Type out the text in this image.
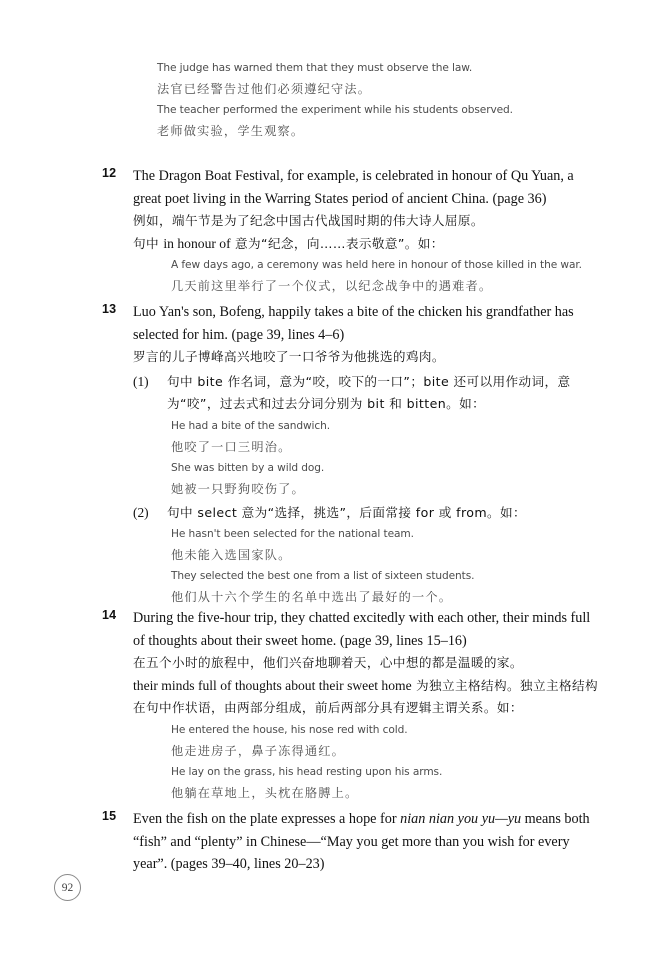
The judge has warned them that they must observe the law.
法官已经警告过他们必须遵纪守法。
The teacher performed the experiment while his students observed.
老师做实验，学生观察。
12	The Dragon Boat Festival, for example, is celebrated in honour of Qu Yuan, a great poet living in the Warring States period of ancient China. (page 36)
例如，端午节是为了纪念中国古代战国时期的伟大诗人屈原。
句中 in honour of 意为“纪念，向……表示敬意”。如：
A few days ago, a ceremony was held here in honour of those killed in the war.
几天前这里举行了一个仪式，以纪念战争中的遇难者。
13	Luo Yan's son, Bofeng, happily takes a bite of the chicken his grandfather has selected for him. (page 39, lines 4–6)
罗言的儿子博峰高兴地咬了一口爷爷为他挑选的鸡肉。
(1)	句中 bite 作名词，意为“咬，咬下的一口”；bite 还可以用作动词，意为“咬”，过去式和过去分词分别为 bit 和 bitten。如：
He had a bite of the sandwich.
他咬了一口三明治。
She was bitten by a wild dog.
她被一只野狗咬伤了。
(2)	句中 select 意为“选择，挑选”，后面常接 for 或 from。如：
He hasn't been selected for the national team.
他未能入选国家队。
They selected the best one from a list of sixteen students.
他们从十六个学生的名单中选出了最好的一个。
14	During the five-hour trip, they chatted excitedly with each other, their minds full of thoughts about their sweet home. (page 39, lines 15–16)
在五个小时的旅程中，他们兴奋地聊着天，心中想的都是温暖的家。
their minds full of thoughts about their sweet home 为独立主格结构。独立主格结构在句中作状语，由两部分组成，前后两部分具有逻辑主谓关系。如：
He entered the house, his nose red with cold.
他走进房子，鼻子冻得通红。
He lay on the grass, his head resting upon his arms.
他躺在草地上，头枕在胳膊上。
15	Even the fish on the plate expresses a hope for nian nian you yu—yu means both “fish” and “plenty” in Chinese—“May you get more than you wish for every year”. (pages 39–40, lines 20–23)
92
